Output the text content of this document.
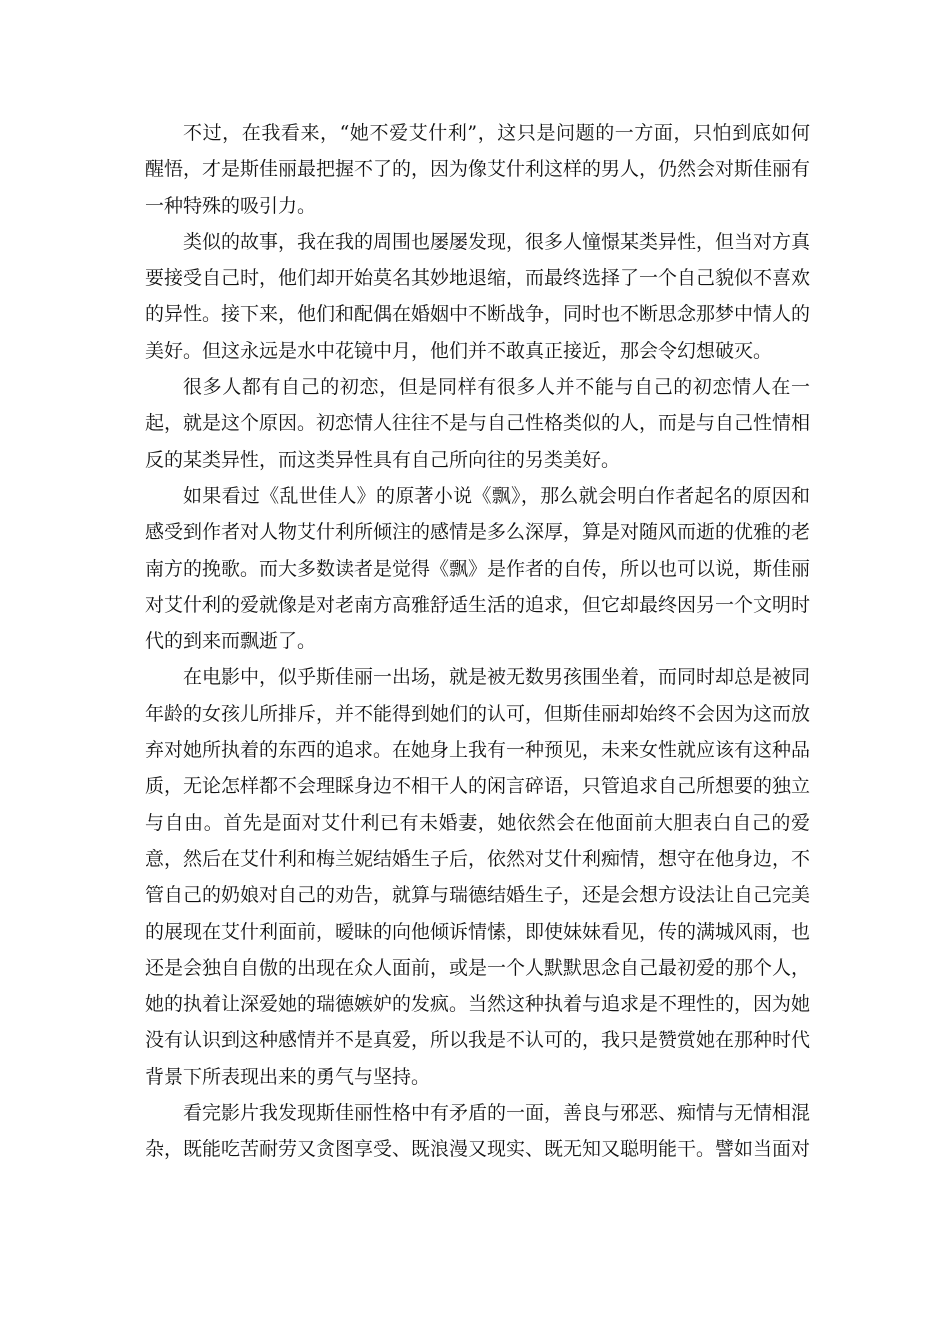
不过，在我看来，“她不爱艾什利”，这只是问题的一方面，只怕到底如何醒悟，才是斯佳丽最把握不了的，因为像艾什利这样的男人，仍然会对斯佳丽有一种特殊的吸引力。

类似的故事，我在我的周围也屡屡发现，很多人憧憬某类异性，但当对方真要接受自己时，他们却开始莫名其妙地退缩，而最终选择了一个自己貌似不喜欢的异性。接下来，他们和配偶在婚姻中不断战争，同时也不断思念那梦中情人的美好。但这永远是水中花镜中月，他们并不敢真正接近，那会令幻想破灭。

很多人都有自己的初恋，但是同样有很多人并不能与自己的初恋情人在一起，就是这个原因。初恋情人往往不是与自己性格类似的人，而是与自己性情相反的某类异性，而这类异性具有自己所向往的另类美好。

如果看过《乱世佳人》的原著小说《飘》，那么就会明白作者起名的原因和感受到作者对人物艾什利所倾注的感情是多么深厚，算是对随风而逝的优雅的老南方的挽歌。而大多数读者是觉得《飘》是作者的自传，所以也可以说，斯佳丽对艾什利的爱就像是对老南方高雅舒适生活的追求，但它却最终因另一个文明时代的到来而飘逝了。

在电影中，似乎斯佳丽一出场，就是被无数男孩围坐着，而同时却总是被同年龄的女孩儿所排斥，并不能得到她们的认可，但斯佳丽却始终不会因为这而放弃对她所执着的东西的追求。在她身上我有一种预见，未来女性就应该有这种品质，无论怎样都不会理睬身边不相干人的闲言碎语，只管追求自己所想要的独立与自由。首先是面对艾什利已有未婚妻，她依然会在他面前大胆表白自己的爱意，然后在艾什利和梅兰妮结婚生子后，依然对艾什利痴情，想守在他身边，不管自己的奶娘对自己的劝告，就算与瑞德结婚生子，还是会想方设法让自己完美的展现在艾什利面前，暧昧的向他倾诉情愫，即使妹妹看见，传的满城风雨，也还是会独自自傲的出现在众人面前，或是一个人默默思念自己最初爱的那个人，她的执着让深爱她的瑞德嫉妒的发疯。当然这种执着与追求是不理性的，因为她没有认识到这种感情并不是真爱，所以我是不认可的，我只是赞赏她在那种时代背景下所表现出来的勇气与坚持。

看完影片我发现斯佳丽性格中有矛盾的一面，善良与邪恶、痴情与无情相混杂，既能吃苦耐劳又贪图享受、既浪漫又现实、既无知又聪明能干。譬如当面对
